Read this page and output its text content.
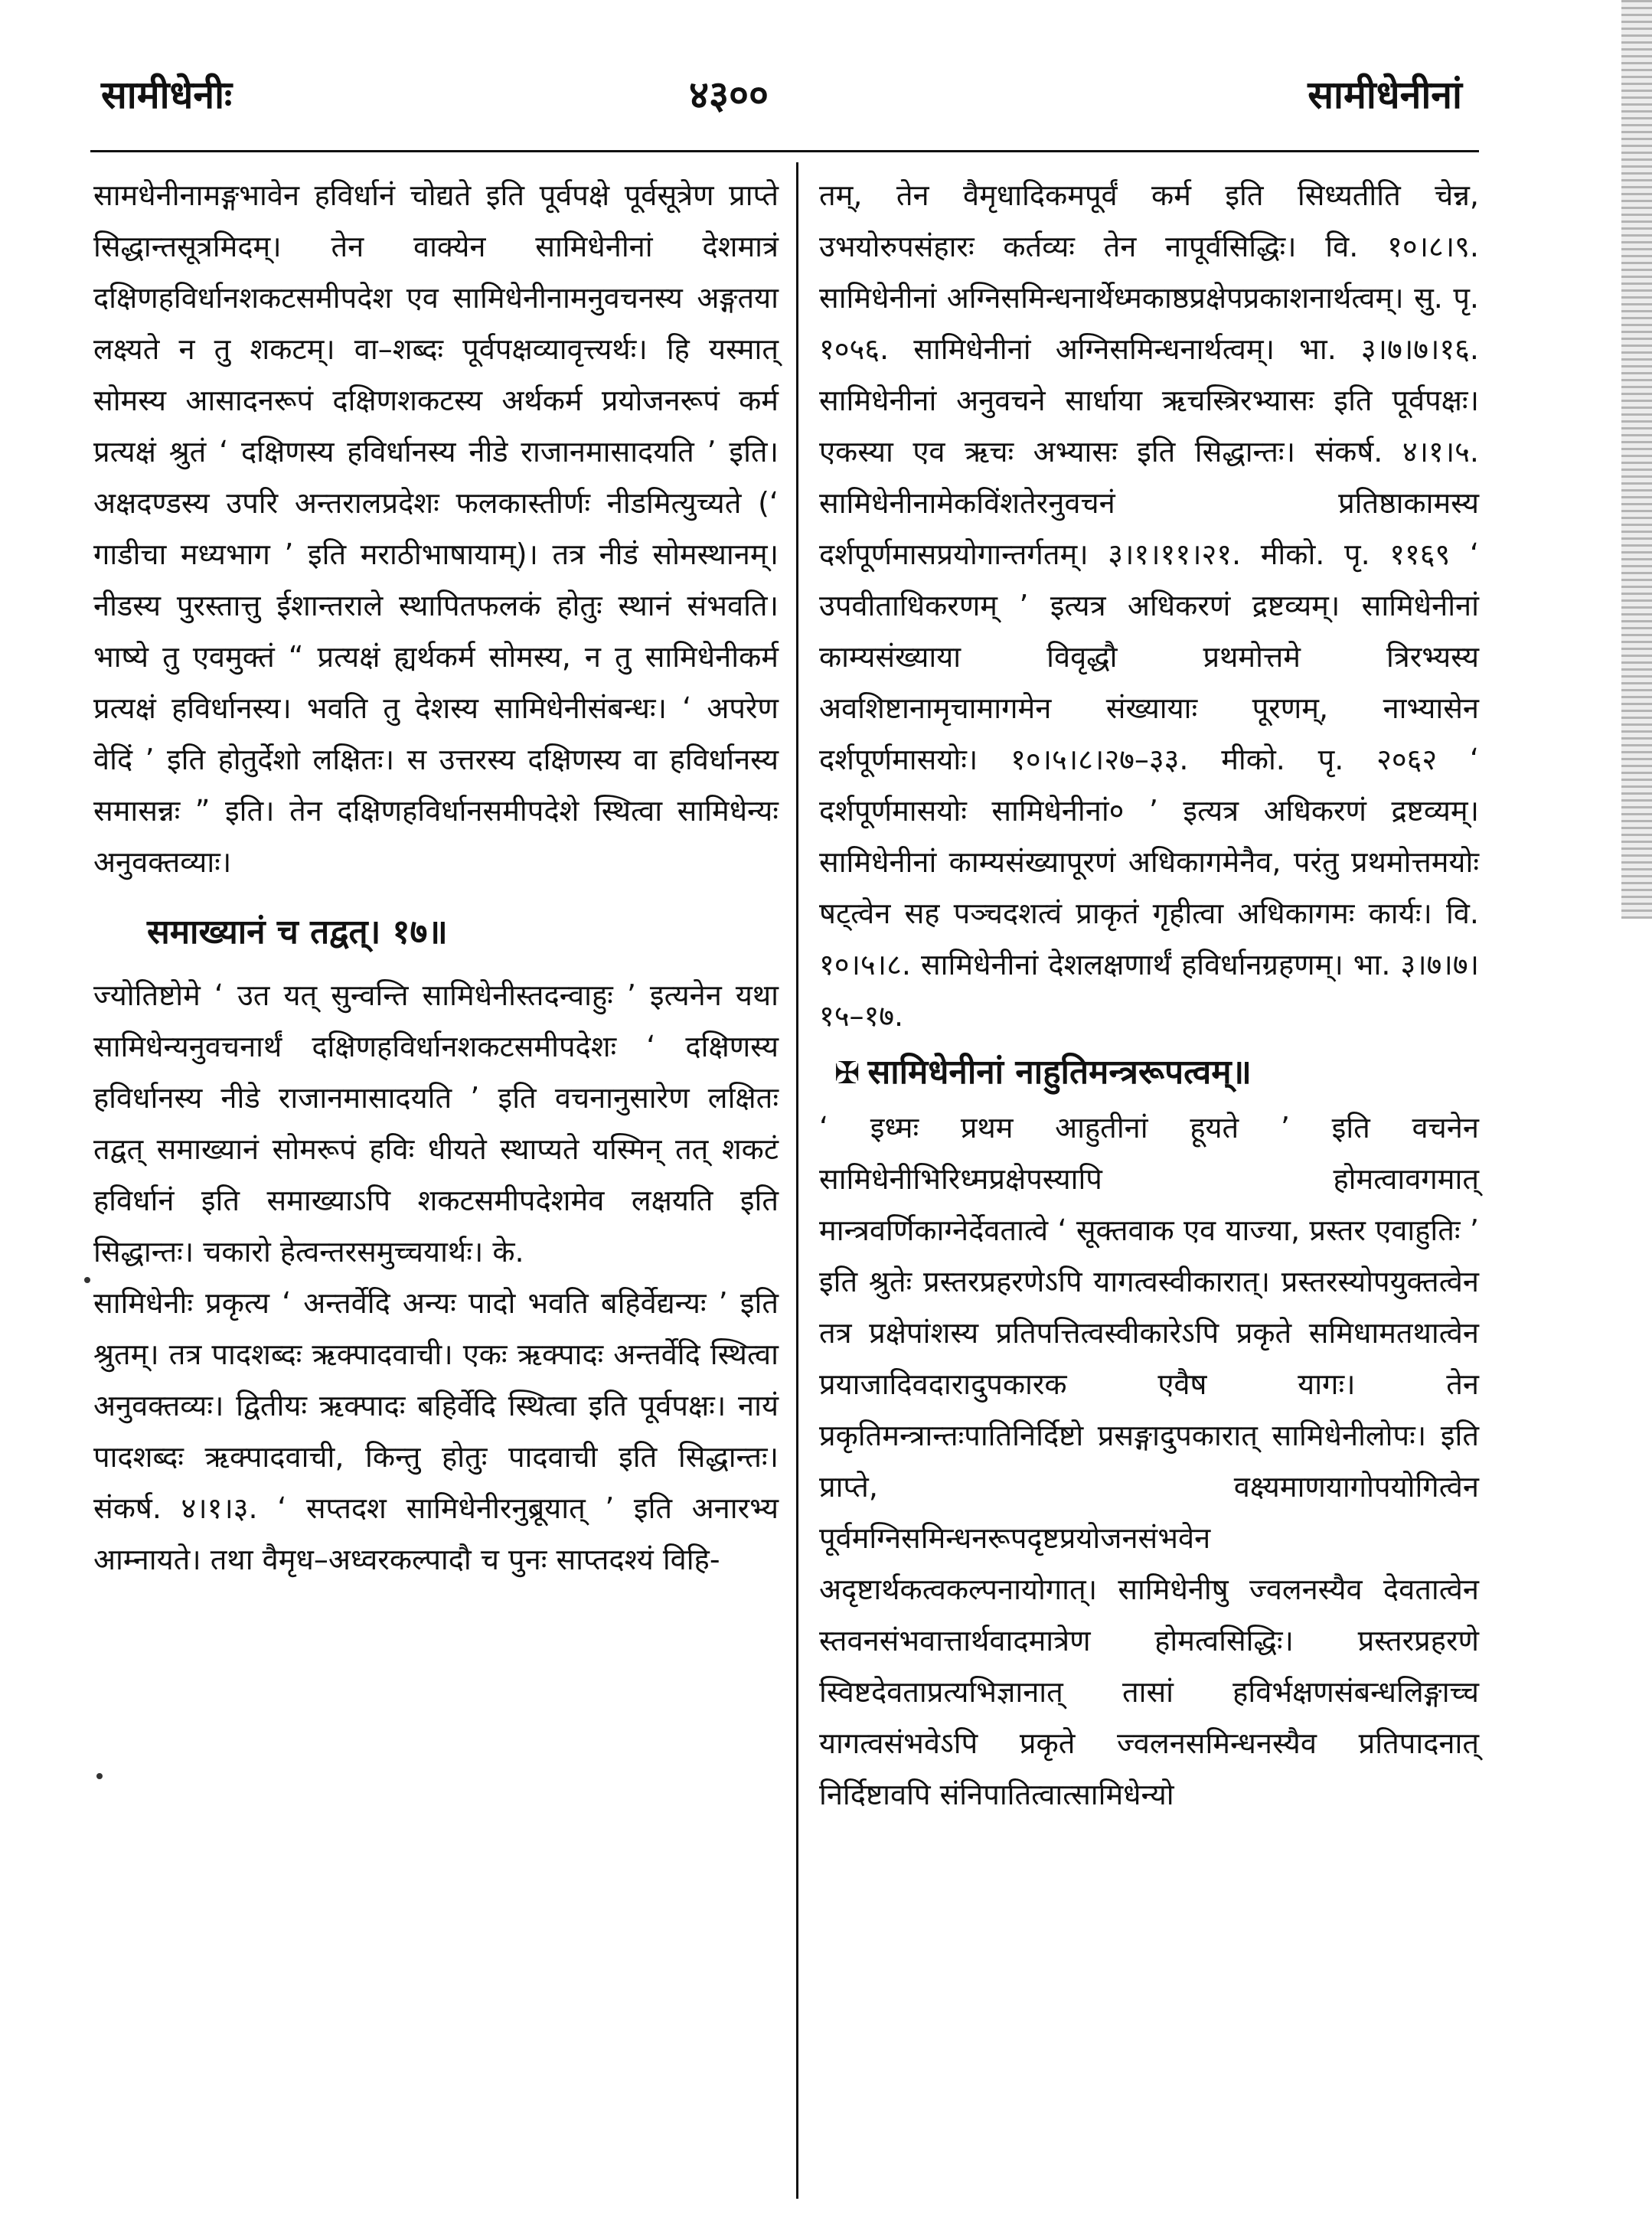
सामीधेनीः	४३००	सामीधेनीनां

सामधेनीनामङ्गभावेन हविर्धानं चोद्यते इति पूर्वपक्षे पूर्वसूत्रेण प्राप्ते सिद्धान्तसूत्रमिदम्। तेन वाक्येन सामिधेनीनां देशमात्रं दक्षिणहविर्धानशकटसमीपदेश एव सामिधेनीनामनुवचनस्य अङ्गतया लक्ष्यते न तु शकटम्। वा–शब्दः पूर्वपक्षव्यावृत्त्यर्थः। हि यस्मात् सोमस्य आसादनरूपं दक्षिणशकटस्य अर्थकर्म प्रयोजनरूपं कर्म प्रत्यक्षं श्रुतं ‘ दक्षिणस्य हविर्धानस्य नीडे राजानमासादयति ’ इति। अक्षदण्डस्य उपरि अन्तरालप्रदेशः फलकास्तीर्णः नीडमित्युच्यते (‘ गाडीचा मध्यभाग ’ इति मराठीभाषायाम्)। तत्र नीडं सोमस्थानम्। नीडस्य पुरस्तात्तु ईशान्तराले स्थापितफलकं होतुः स्थानं संभवति। भाष्ये तु एवमुक्तं “ प्रत्यक्षं ह्यर्थकर्म सोमस्य, न तु सामिधेनीकर्म प्रत्यक्षं हविर्धानस्य। भवति तु देशस्य सामिधेनीसंबन्धः। ‘ अपरेण वेदिं ’ इति होतुर्देशो लक्षितः। स उत्तरस्य दक्षिणस्य वा हविर्धानस्य समासन्नः ” इति। तेन दक्षिणहविर्धानसमीपदेशे स्थित्वा सामिधेन्यः अनुवक्तव्याः।

समाख्यानं च तद्वत्। १७॥

ज्योतिष्टोमे ‘ उत यत् सुन्वन्ति सामिधेनीस्तदन्वाहुः ’ इत्यनेन यथा सामिधेन्यनुवचनार्थं दक्षिणहविर्धानशकटसमीपदेशः ‘ दक्षिणस्य हविर्धानस्य नीडे राजानमासादयति ’ इति वचनानुसारेण लक्षितः तद्वत् समाख्यानं सोमरूपं हविः धीयते स्थाप्यते यस्मिन् तत् शकटं हविर्धानं इति समाख्याऽपि शकटसमीपदेशमेव लक्षयति इति सिद्धान्तः। चकारो हेत्वन्तरसमुच्चयार्थः। के.

सामिधेनीः प्रकृत्य ‘ अन्तर्वेदि अन्यः पादो भवति बहिर्वेद्यन्यः ’ इति श्रुतम्। तत्र पादशब्दः ऋक्पादवाची। एकः ऋक्पादः अन्तर्वेदि स्थित्वा अनुवक्तव्यः। द्वितीयः ऋक्पादः बहिर्वेदि स्थित्वा इति पूर्वपक्षः। नायं पादशब्दः ऋक्पादवाची, किन्तु होतुः पादवाची इति सिद्धान्तः। संकर्ष. ४।१।३. ‘ सप्तदश सामिधेनीरनुब्रूयात् ’ इति अनारभ्य आम्नायते। तथा वैमृध–अध्वरकल्पादौ च पुनः साप्तदश्यं विहि-

तम्, तेन वैमृधादिकमपूर्वं कर्म इति सिध्यतीति चेन्न, उभयोरुपसंहारः कर्तव्यः तेन नापूर्वसिद्धिः। वि. १०।८।९. सामिधेनीनां अग्निसमिन्धनार्थेध्मकाष्ठप्रक्षेपप्रकाशनार्थत्वम्। सु. पृ. १०५६. सामिधेनीनां अग्निसमिन्धनार्थत्वम्। भा. ३।७।७।१६. सामिधेनीनां अनुवचने सार्धाया ऋचस्त्रिरभ्यासः इति पूर्वपक्षः। एकस्या एव ऋचः अभ्यासः इति सिद्धान्तः। संकर्ष. ४।१।५. सामिधेनीनामेकविंशतेरनुवचनं प्रतिष्ठाकामस्य दर्शपूर्णमासप्रयोगान्तर्गतम्। ३।१।११।२१. मीको. पृ. ११६९ ‘ उपवीताधिकरणम् ’ इत्यत्र अधिकरणं द्रष्टव्यम्। सामिधेनीनां काम्यसंख्याया विवृद्धौ प्रथमोत्तमे त्रिरभ्यस्य अवशिष्टानामृचामागमेन संख्यायाः पूरणम्, नाभ्यासेन दर्शपूर्णमासयोः। १०।५।८।२७–३३. मीको. पृ. २०६२ ‘ दर्शपूर्णमासयोः सामिधेनीनां० ’ इत्यत्र अधिकरणं द्रष्टव्यम्। सामिधेनीनां काम्यसंख्यापूरणं अधिकागमेनैव, परंतु प्रथमोत्तमयोः षट्त्वेन सह पञ्चदशत्वं प्राकृतं गृहीत्वा अधिकागमः कार्यः। वि. १०।५।८. सामिधेनीनां देशलक्षणार्थं हविर्धानग्रहणम्। भा. ३।७।७।१५–१७.

✠ सामिधेनीनां नाहुतिमन्त्ररूपत्वम्॥

‘ इध्मः प्रथम आहुतीनां हूयते ’ इति वचनेन सामिधेनीभिरिध्मप्रक्षेपस्यापि होमत्वावगमात् मान्त्रवर्णिकाग्नेर्देवतात्वे ‘ सूक्तवाक एव याज्या, प्रस्तर एवाहुतिः ’ इति श्रुतेः प्रस्तरप्रहरणेऽपि यागत्वस्वीकारात्। प्रस्तरस्योपयुक्तत्वेन तत्र प्रक्षेपांशस्य प्रतिपत्तित्वस्वीकारेऽपि प्रकृते समिधामतथात्वेन प्रयाजादिवदारादुपकारक एवैष यागः। तेन प्रकृतिमन्त्रान्तःपातिनिर्दिष्टो प्रसङ्गादुपकारात् सामिधेनीलोपः। इति प्राप्ते, वक्ष्यमाणयागोपयोगित्वेन पूर्वमग्निसमिन्धनरूपदृष्टप्रयोजनसंभवेन अदृष्टार्थकत्वकल्पनायोगात्। सामिधेनीषु ज्वलनस्यैव देवतात्वेन स्तवनसंभवात्तार्थवादमात्रेण होमत्वसिद्धिः। प्रस्तरप्रहरणे स्विष्टदेवताप्रत्यभिज्ञानात् तासां हविर्भक्षणसंबन्धलिङ्गाच्च यागत्वसंभवेऽपि प्रकृते ज्वलनसमिन्धनस्यैव प्रतिपादनात् निर्दिष्टावपि संनिपातित्वात्सामिधेन्यो
